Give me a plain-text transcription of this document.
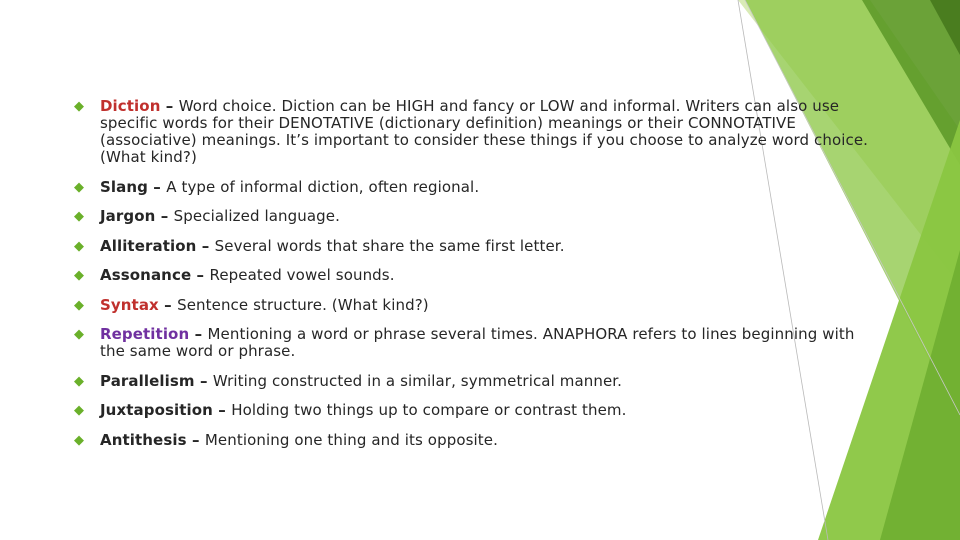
◆ Diction – Word choice. Diction can be HIGH and fancy or LOW and informal. Writers can also use specific words for their DENOTATIVE (dictionary definition) meanings or their CONNOTATIVE (associative) meanings. It’s important to consider these things if you choose to analyze word choice. (What kind?)
◆ Slang – A type of informal diction, often regional.
◆ Jargon – Specialized language.
◆ Alliteration – Several words that share the same first letter.
◆ Assonance – Repeated vowel sounds.
◆ Syntax – Sentence structure. (What kind?)
◆ Repetition – Mentioning a word or phrase several times. ANAPHORA refers to lines beginning with the same word or phrase.
◆ Parallelism – Writing constructed in a similar, symmetrical manner.
◆ Juxtaposition – Holding two things up to compare or contrast them.
◆ Antithesis – Mentioning one thing and its opposite.
